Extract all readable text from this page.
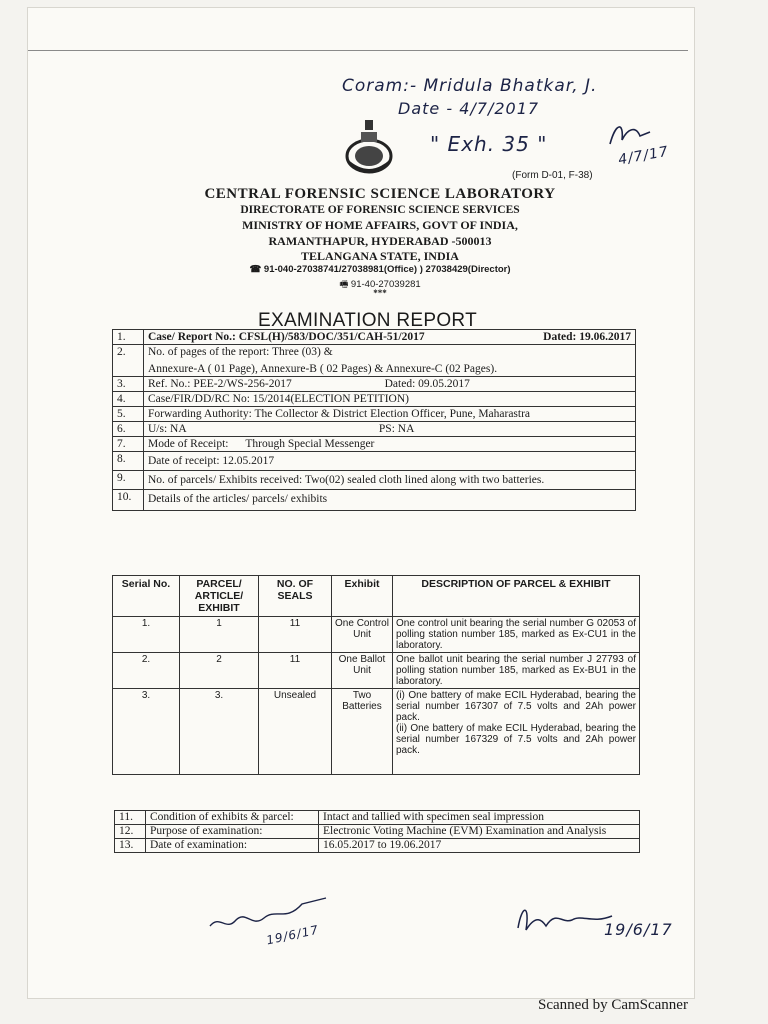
Coram:- Mridula Bhatkar, J.
Date - 4/7/2017
" Exh. 35 "	4/7/17
(Form D-01, F-38)
CENTRAL FORENSIC SCIENCE LABORATORY
DIRECTORATE OF FORENSIC SCIENCE SERVICES
MINISTRY OF HOME AFFAIRS, GOVT OF INDIA,
RAMANTHAPUR, HYDERABAD -500013
TELANGANA STATE, INDIA
☎ 91-040-27038741/27038981(Office) ) 27038429(Director)
🖷 91-40-27039281
***
EXAMINATION REPORT
1.	Case/ Report No.: CFSL(H)/583/DOC/351/CAH-51/2017 Dated: 19.06.2017

2.	No. of pages of the report: Three (03) &
Annexure-A ( 01 Page), Annexure-B ( 02 Pages) & Annexure-C (02 Pages).

3.	Ref. No.: PEE-2/WS-256-2017 Dated: 09.05.2017
4.	Case/FIR/DD/RC No: 15/2014(ELECTION PETITION)
5.	Forwarding Authority: The Collector & District Election Officer, Pune, Maharastra
6.	U/s: NA PS: NA
7.	Mode of Receipt: Through Special Messenger
8.	Date of receipt: 12.05.2017
9.	No. of parcels/ Exhibits received: Two(02) sealed cloth lined along with two batteries.
10.	Details of the articles/ parcels/ exhibits
Serial No.	PARCEL/ ARTICLE/ EXHIBIT	NO. OF SEALS	Exhibit	DESCRIPTION OF PARCEL & EXHIBIT
1.	1	11	One Control Unit	One control unit bearing the serial number G 02053 of polling station number 185, marked as Ex-CU1 in the laboratory.
2.	2	11	One Ballot Unit	One ballot unit bearing the serial number J 27793 of polling station number 185, marked as Ex-BU1 in the laboratory.
3.	3.	Unsealed	Two Batteries	(i) One battery of make ECIL Hyderabad, bearing the serial number 167307 of 7.5 volts and 2Ah power pack.
(ii) One battery of make ECIL Hyderabad, bearing the serial number 167329 of 7.5 volts and 2Ah power pack.
11.	Condition of exhibits & parcel:	Intact and tallied with specimen seal impression
12.	Purpose of examination:	Electronic Voting Machine (EVM) Examination and Analysis
13.	Date of examination:	16.05.2017 to 19.06.2017
19/6/17	19/6/17
Scanned by CamScanner
